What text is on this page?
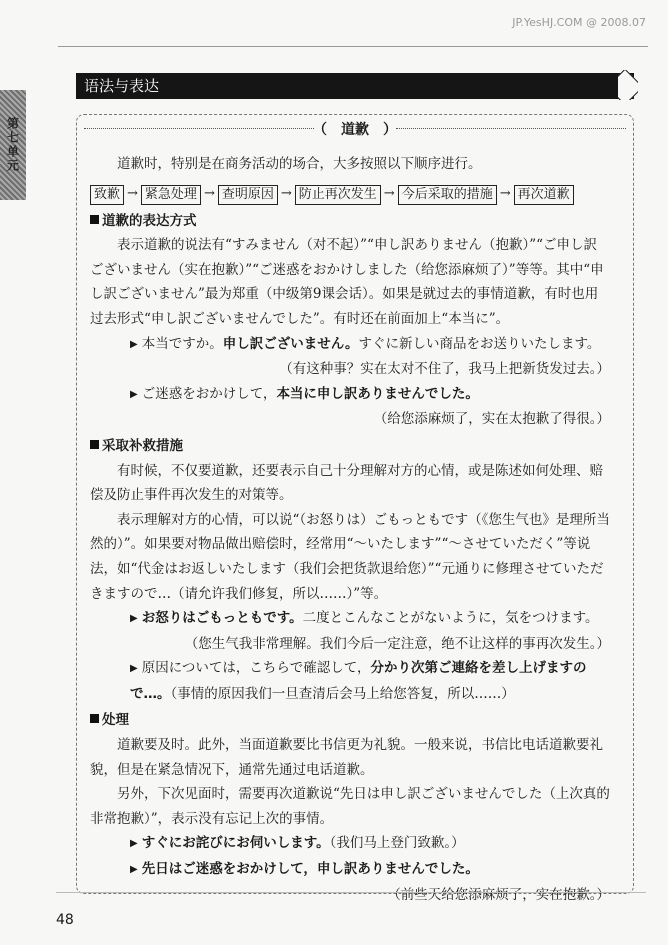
JP.YesHJ.COM @ 2008.07
第七单元
语法与表达
（　道歉　）

道歉时，特别是在商务活动的场合，大多按照以下顺序进行。

致歉 → 紧急处理 → 查明原因 → 防止再次发生 → 今后采取的措施 → 再次道歉
道歉的表达方式

表示道歉的说法有“すみません（对不起）”“申し訳ありません（抱歉）”“ご申し訳ございません（实在抱歉）”“ご迷惑をおかけしました（给您添麻烦了）”等等。其中“申し訳ございません”最为郑重（中级第9课会话）。如果是就过去的事情道歉，有时也用过去形式“申し訳ございませんでした”。有时还在前面加上“本当に”。

▶ 本当ですか。申し訳ございません。すぐに新しい商品をお送りいたします。

（有这种事？实在太对不住了，我马上把新货发过去。）

▶ ご迷惑をおかけして，本当に申し訳ありませんでした。

（给您添麻烦了，实在太抱歉了得很。）

采取补救措施

有时候，不仅要道歉，还要表示自己十分理解对方的心情，或是陈述如何处理、赔偿及防止事件再次发生的对策等。

表示理解对方的心情，可以说“（お怒りは）ごもっともです（《您生气也》是理所当然的）”。如果要对物品做出赔偿时，经常用“～いたします”“～させていただく”等说法，如“代金はお返しいたします（我们会把货款退给您）”“元通りに修理させていただきますので…（请允许我们修复，所以……）”等。

▶ お怒りはごもっともです。二度とこんなことがないように，気をつけます。

（您生气我非常理解。我们今后一定注意，绝不让这样的事再次发生。）

▶ 原因については，こちらで確認して，分かり次第ご連絡を差し上げますので…。（事情的原因我们一旦查清后会马上给您答复，所以……）

处理

道歉要及时。此外，当面道歉要比书信更为礼貌。一般来说，书信比电话道歉要礼貌，但是在紧急情况下，通常先通过电话道歉。

另外，下次见面时，需要再次道歉说“先日は申し訳ございませんでした（上次真的非常抱歉）”，表示没有忘记上次的事情。

▶ すぐにお詫びにお伺いします。（我们马上登门致歉。）

▶ 先日はご迷惑をおかけして，申し訳ありませんでした。

（前些天给您添麻烦了，实在抱歉。）

48
